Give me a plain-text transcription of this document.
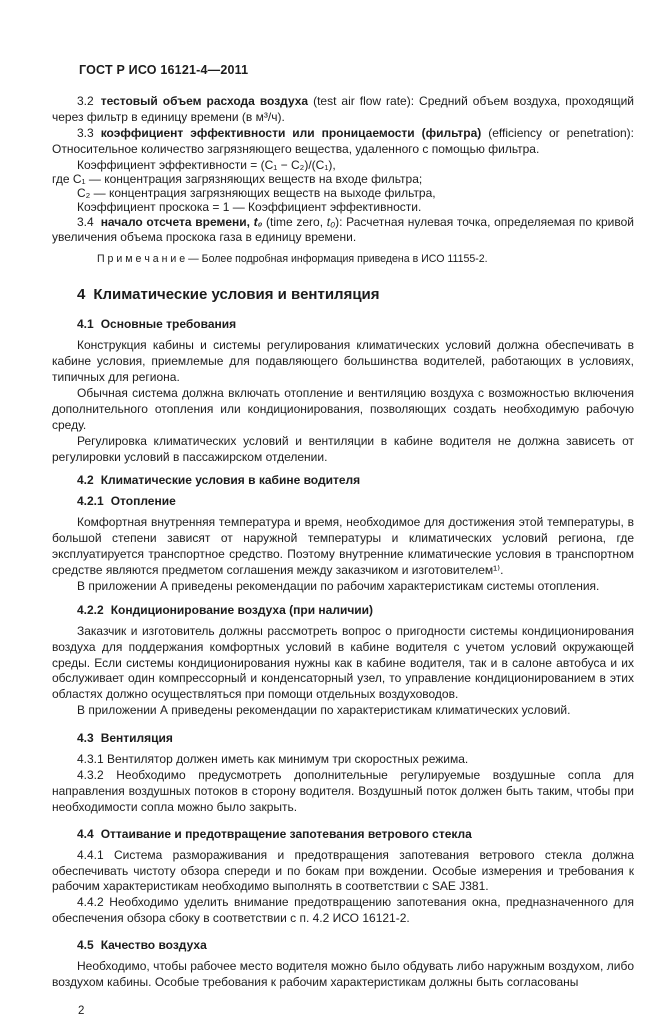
ГОСТ Р ИСО 16121-4—2011

3.2 тестовый объем расхода воздуха (test air flow rate): Средний объем воздуха, проходящий через фильтр в единицу времени (в м³/ч).

3.3 коэффициент эффективности или проницаемости (фильтра) (efficiency or penetration): Относительное количество загрязняющего вещества, удаленного с помощью фильтра.

Коэффициент эффективности = (C₁ − C₂)/(C₁),
где C₁ — концентрация загрязняющих веществ на входе фильтра;
C₂ — концентрация загрязняющих веществ на выходе фильтра,
Коэффициент проскока = 1 — Коэффициент эффективности.

3.4 начало отсчета времени, t₀ (time zero, t₀): Расчетная нулевая точка, определяемая по кривой увеличения объема проскока газа в единицу времени.

П р и м е ч а н и е — Более подробная информация приведена в ИСО 11155-2.
4 Климатические условия и вентиляция
4.1 Основные требования

Конструкция кабины и системы регулирования климатических условий должна обеспечивать в кабине условия, приемлемые для подавляющего большинства водителей, работающих в условиях, типичных для региона.

Обычная система должна включать отопление и вентиляцию воздуха с возможностью включения дополнительного отопления или кондиционирования, позволяющих создать необходимую рабочую среду.

Регулировка климатических условий и вентиляции в кабине водителя не должна зависеть от регулировки условий в пассажирском отделении.

4.2 Климатические условия в кабине водителя
4.2.1 Отопление

Комфортная внутренняя температура и время, необходимое для достижения этой температуры, в большой степени зависят от наружной температуры и климатических условий региона, где эксплуатируется транспортное средство. Поэтому внутренние климатические условия в транспортном средстве являются предметом соглашения между заказчиком и изготовителем¹⁾.

В приложении А приведены рекомендации по рабочим характеристикам системы отопления.

4.2.2 Кондиционирование воздуха (при наличии)

Заказчик и изготовитель должны рассмотреть вопрос о пригодности системы кондиционирования воздуха для поддержания комфортных условий в кабине водителя с учетом условий окружающей среды. Если системы кондиционирования нужны как в кабине водителя, так и в салоне автобуса и их обслуживает один компрессорный и конденсаторный узел, то управление кондиционированием в этих областях должно осуществляться при помощи отдельных воздуховодов.

В приложении А приведены рекомендации по характеристикам климатических условий.

4.3 Вентиляция

4.3.1 Вентилятор должен иметь как минимум три скоростных режима.

4.3.2 Необходимо предусмотреть дополнительные регулируемые воздушные сопла для направления воздушных потоков в сторону водителя. Воздушный поток должен быть таким, чтобы при необходимости сопла можно было закрыть.

4.4 Оттаивание и предотвращение запотевания ветрового стекла

4.4.1 Система размораживания и предотвращения запотевания ветрового стекла должна обеспечивать чистоту обзора спереди и по бокам при вождении. Особые измерения и требования к рабочим характеристикам необходимо выполнять в соответствии с SAE J381.

4.4.2 Необходимо уделить внимание предотвращению запотевания окна, предназначенного для обеспечения обзора сбоку в соответствии с п. 4.2 ИСО 16121-2.

4.5 Качество воздуха

Необходимо, чтобы рабочее место водителя можно было обдувать либо наружным воздухом, либо воздухом кабины. Особые требования к рабочим характеристикам должны быть согласованы

2
